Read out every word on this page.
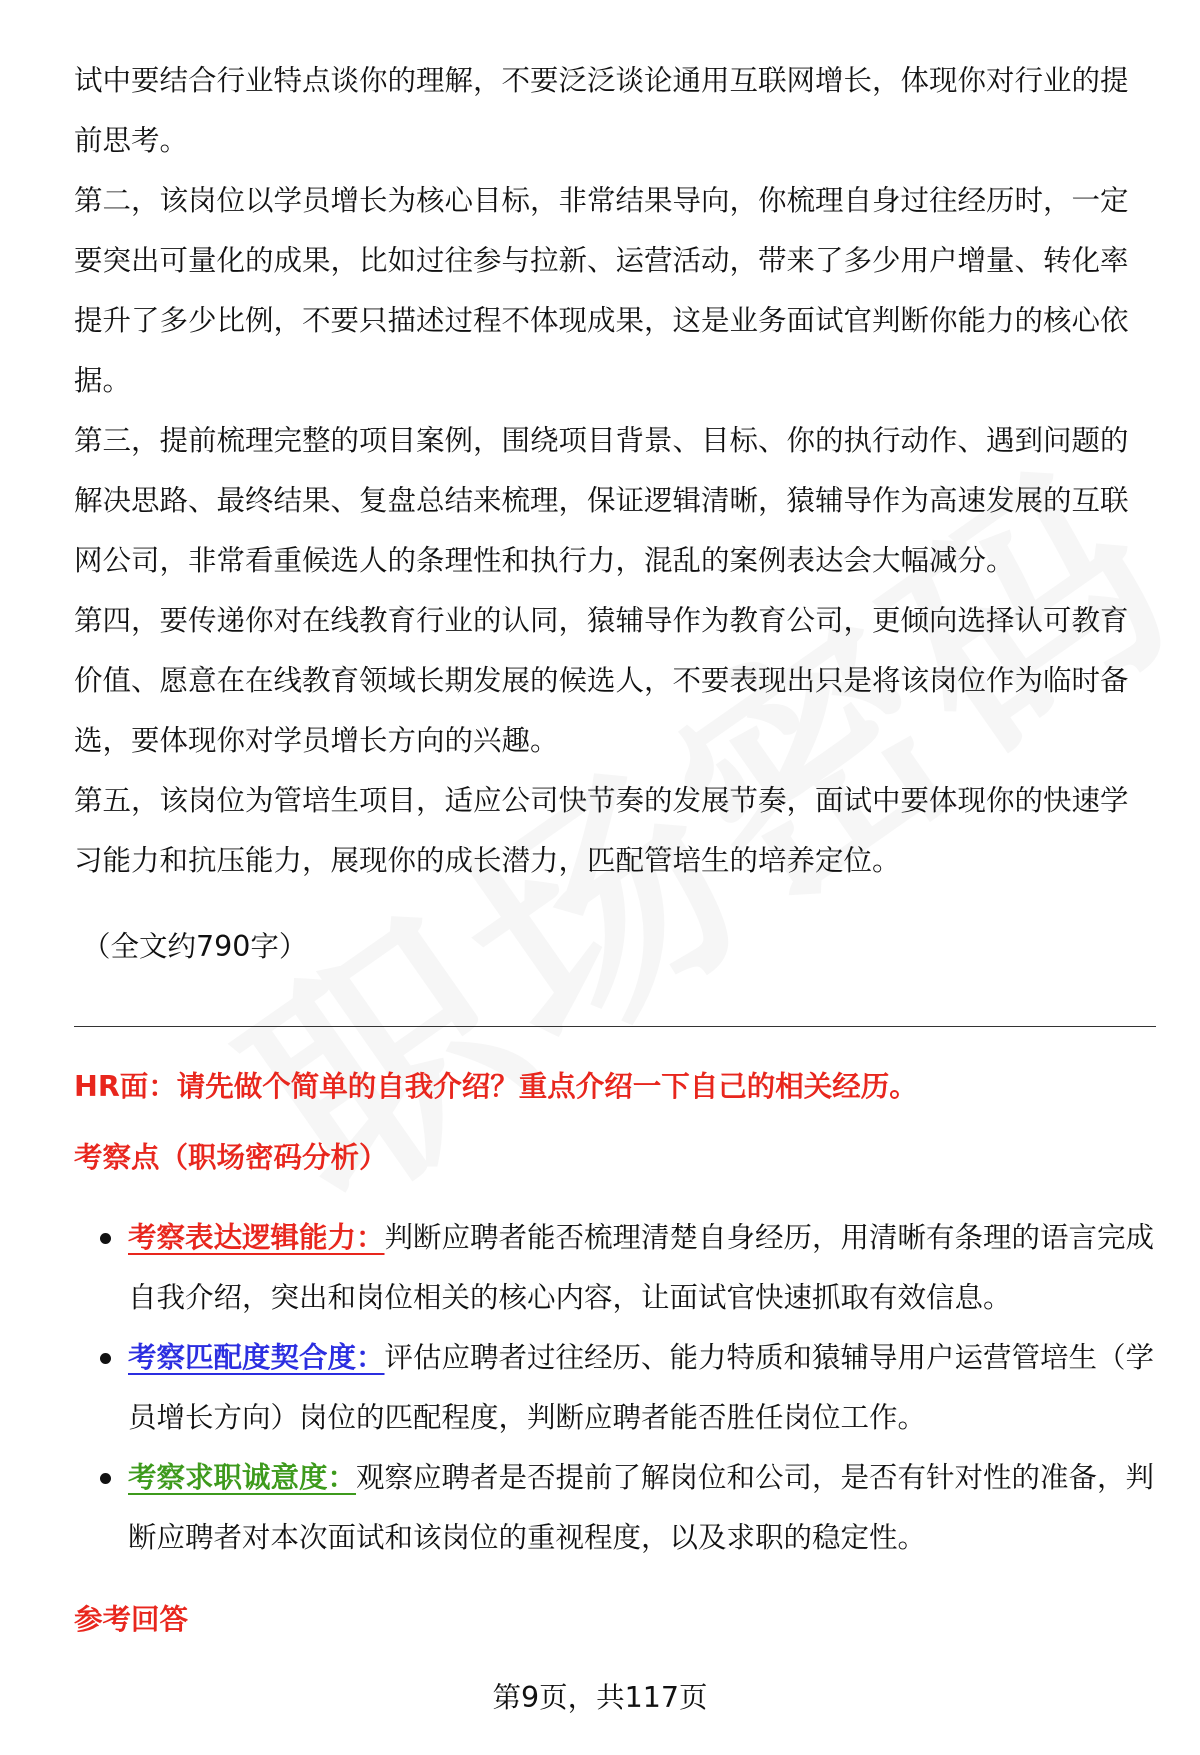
试中要结合行业特点谈你的理解，不要泛泛谈论通用互联网增长，体现你对行业的提前思考。

第二，该岗位以学员增长为核心目标，非常结果导向，你梳理自身过往经历时，一定要突出可量化的成果，比如过往参与拉新、运营活动，带来了多少用户增量、转化率提升了多少比例，不要只描述过程不体现成果，这是业务面试官判断你能力的核心依据。

第三，提前梳理完整的项目案例，围绕项目背景、目标、你的执行动作、遇到问题的解决思路、最终结果、复盘总结来梳理，保证逻辑清晰，猿辅导作为高速发展的互联网公司，非常看重候选人的条理性和执行力，混乱的案例表达会大幅减分。

第四，要传递你对在线教育行业的认同，猿辅导作为教育公司，更倾向选择认可教育价值、愿意在在线教育领域长期发展的候选人，不要表现出只是将该岗位作为临时备选，要体现你对学员增长方向的兴趣。

第五，该岗位为管培生项目，适应公司快节奏的发展节奏，面试中要体现你的快速学习能力和抗压能力，展现你的成长潜力，匹配管培生的培养定位。

（全文约790字）
HR面：请先做个简单的自我介绍？重点介绍一下自己的相关经历。
考察点（职场密码分析）
考察表达逻辑能力：判断应聘者能否梳理清楚自身经历，用清晰有条理的语言完成自我介绍，突出和岗位相关的核心内容，让面试官快速抓取有效信息。
考察匹配度契合度：评估应聘者过往经历、能力特质和猿辅导用户运营管培生（学员增长方向）岗位的匹配程度，判断应聘者能否胜任岗位工作。
考察求职诚意度：观察应聘者是否提前了解岗位和公司，是否有针对性的准备，判断应聘者对本次面试和该岗位的重视程度，以及求职的稳定性。
参考回答
第9页，共117页
